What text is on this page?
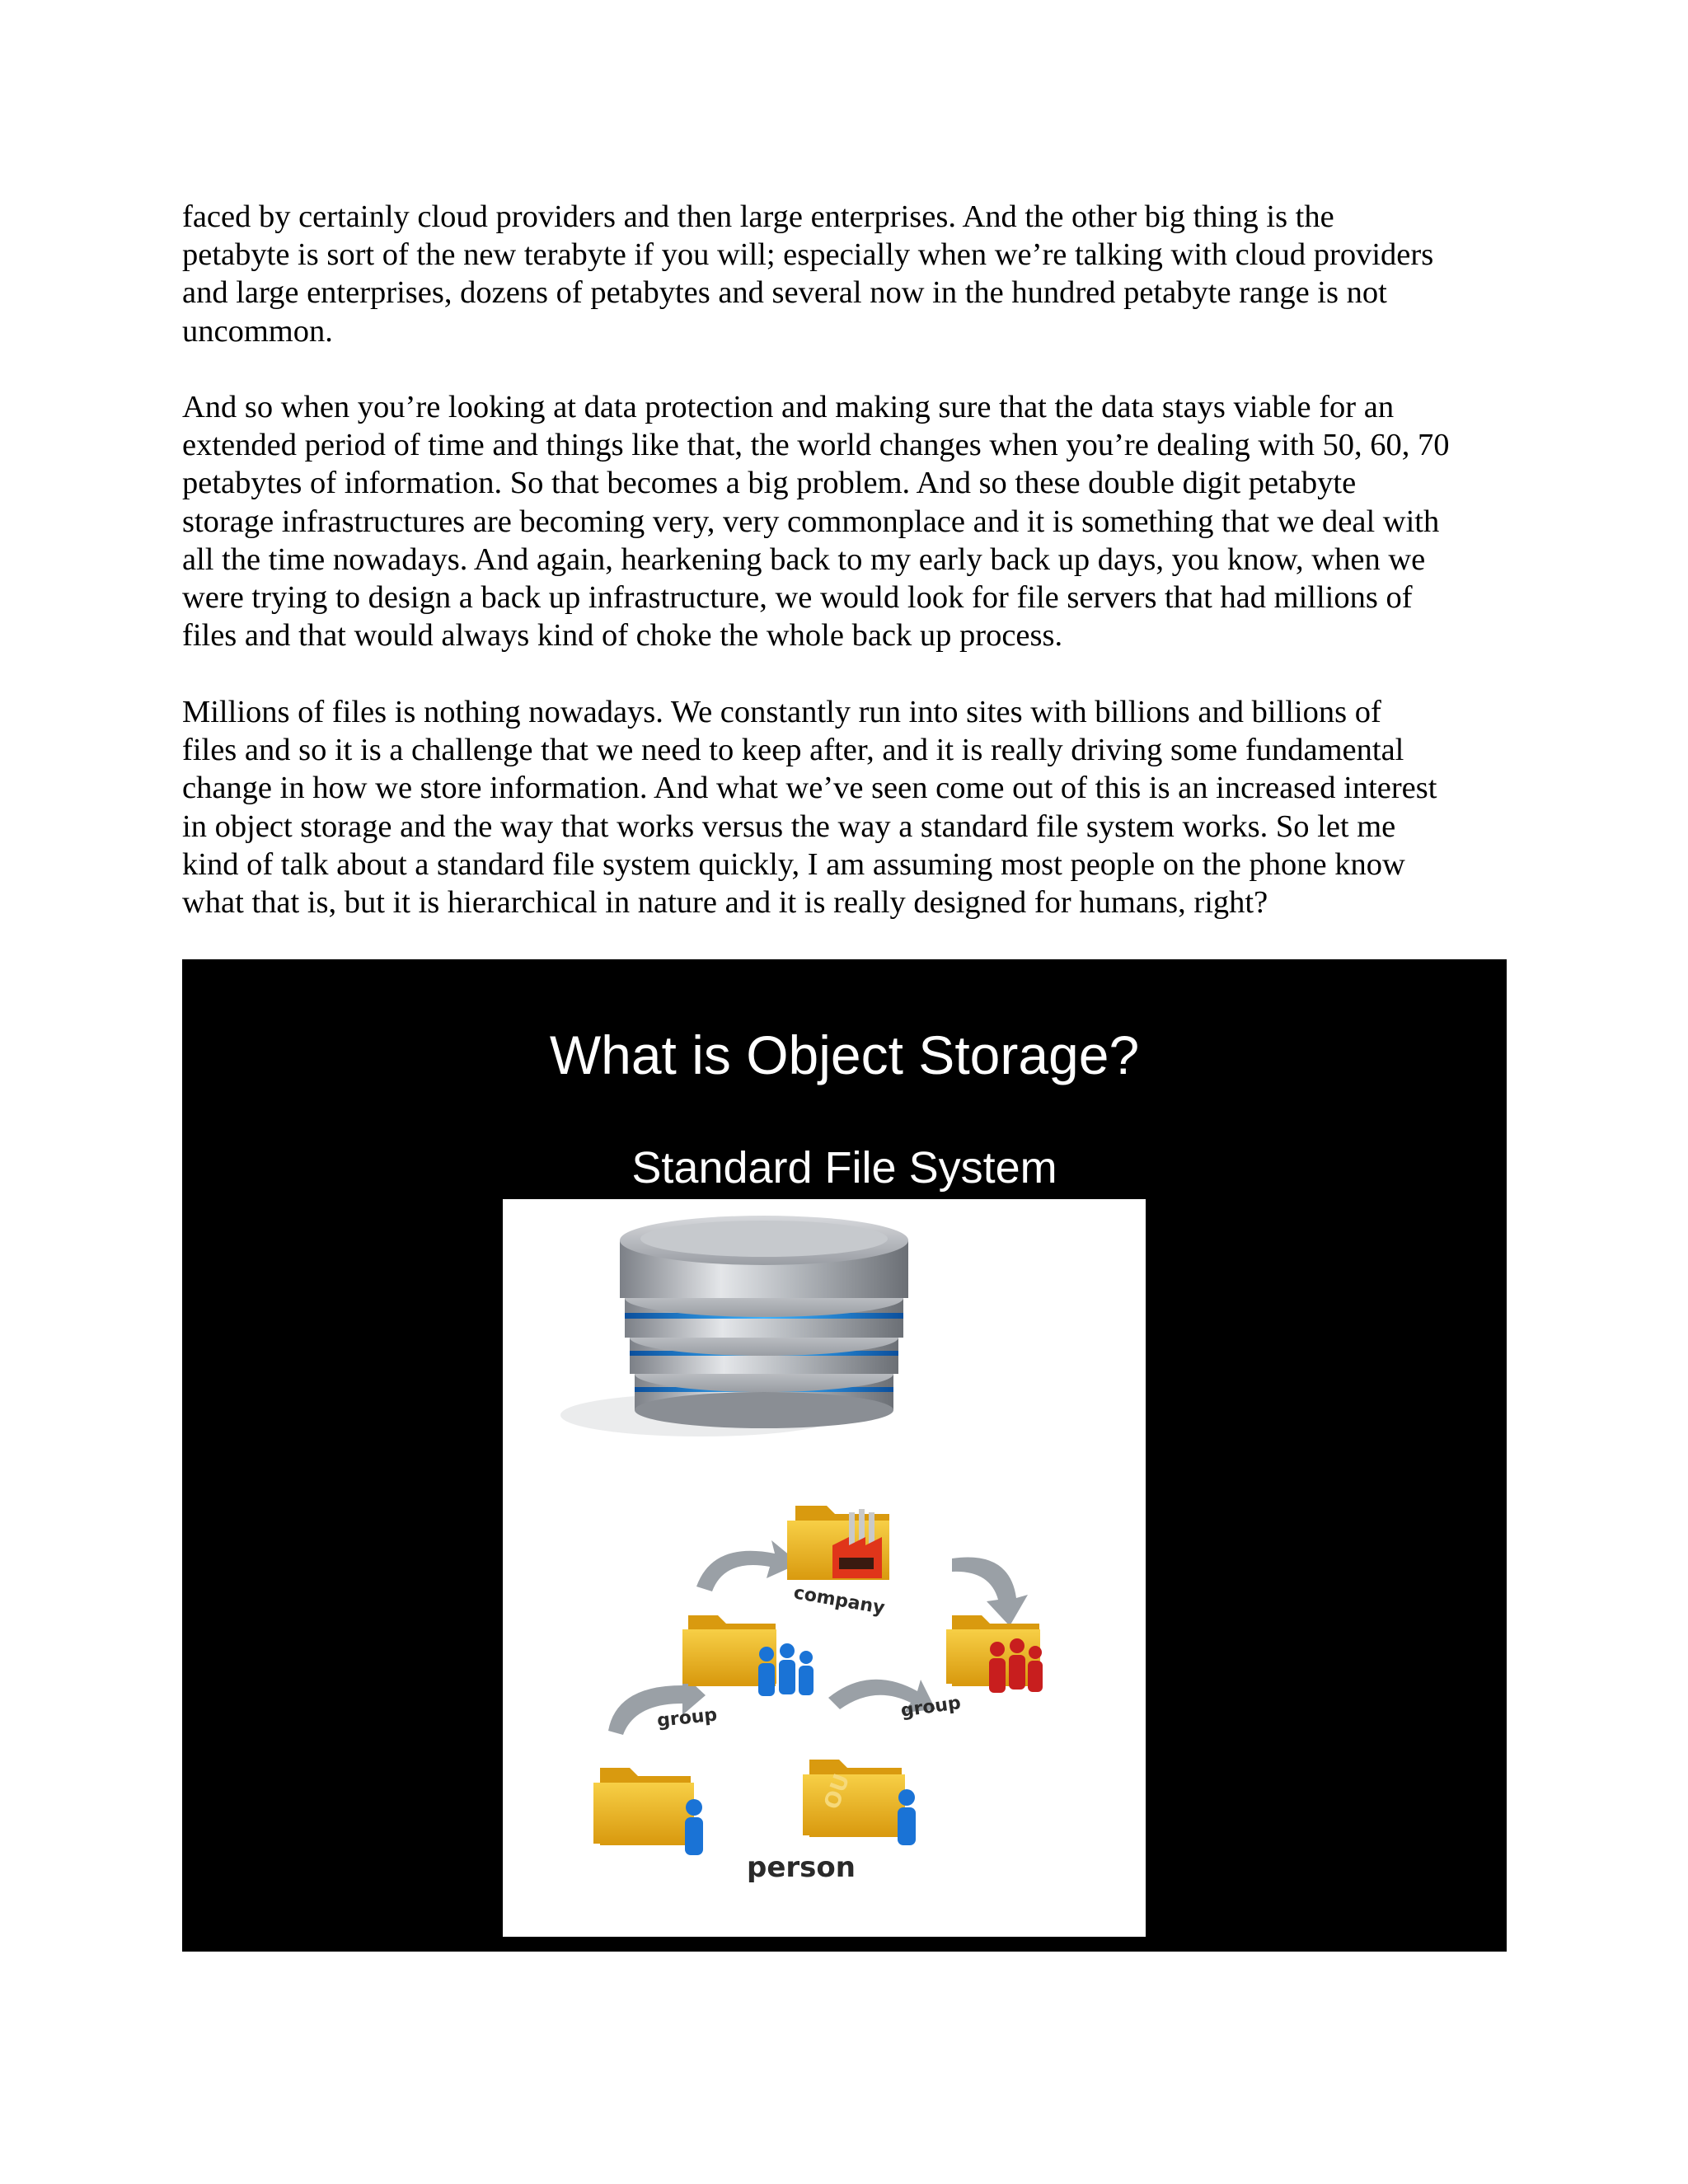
faced by certainly cloud providers and then large enterprises. And the other big thing is the
petabyte is sort of the new terabyte if you will; especially when we’re talking with cloud providers
and large enterprises, dozens of petabytes and several now in the hundred petabyte range is not
uncommon.

And so when you’re looking at data protection and making sure that the data stays viable for an
extended period of time and things like that, the world changes when you’re dealing with 50, 60, 70
petabytes of information. So that becomes a big problem. And so these double digit petabyte
storage infrastructures are becoming very, very commonplace and it is something that we deal with
all the time nowadays. And again, hearkening back to my early back up days, you know, when we
were trying to design a back up infrastructure, we would look for file servers that had millions of
files and that would always kind of choke the whole back up process.

Millions of files is nothing nowadays. We constantly run into sites with billions and billions of
files and so it is a challenge that we need to keep after, and it is really driving some fundamental
change in how we store information. And what we’ve seen come out of this is an increased interest
in object storage and the way that works versus the way a standard file system works. So let me
kind of talk about a standard file system quickly, I am assuming most people on the phone know
what that is, but it is hierarchical in nature and it is really designed for humans, right?

What is Object Storage?
Standard File System
company
group	group
OU
person
